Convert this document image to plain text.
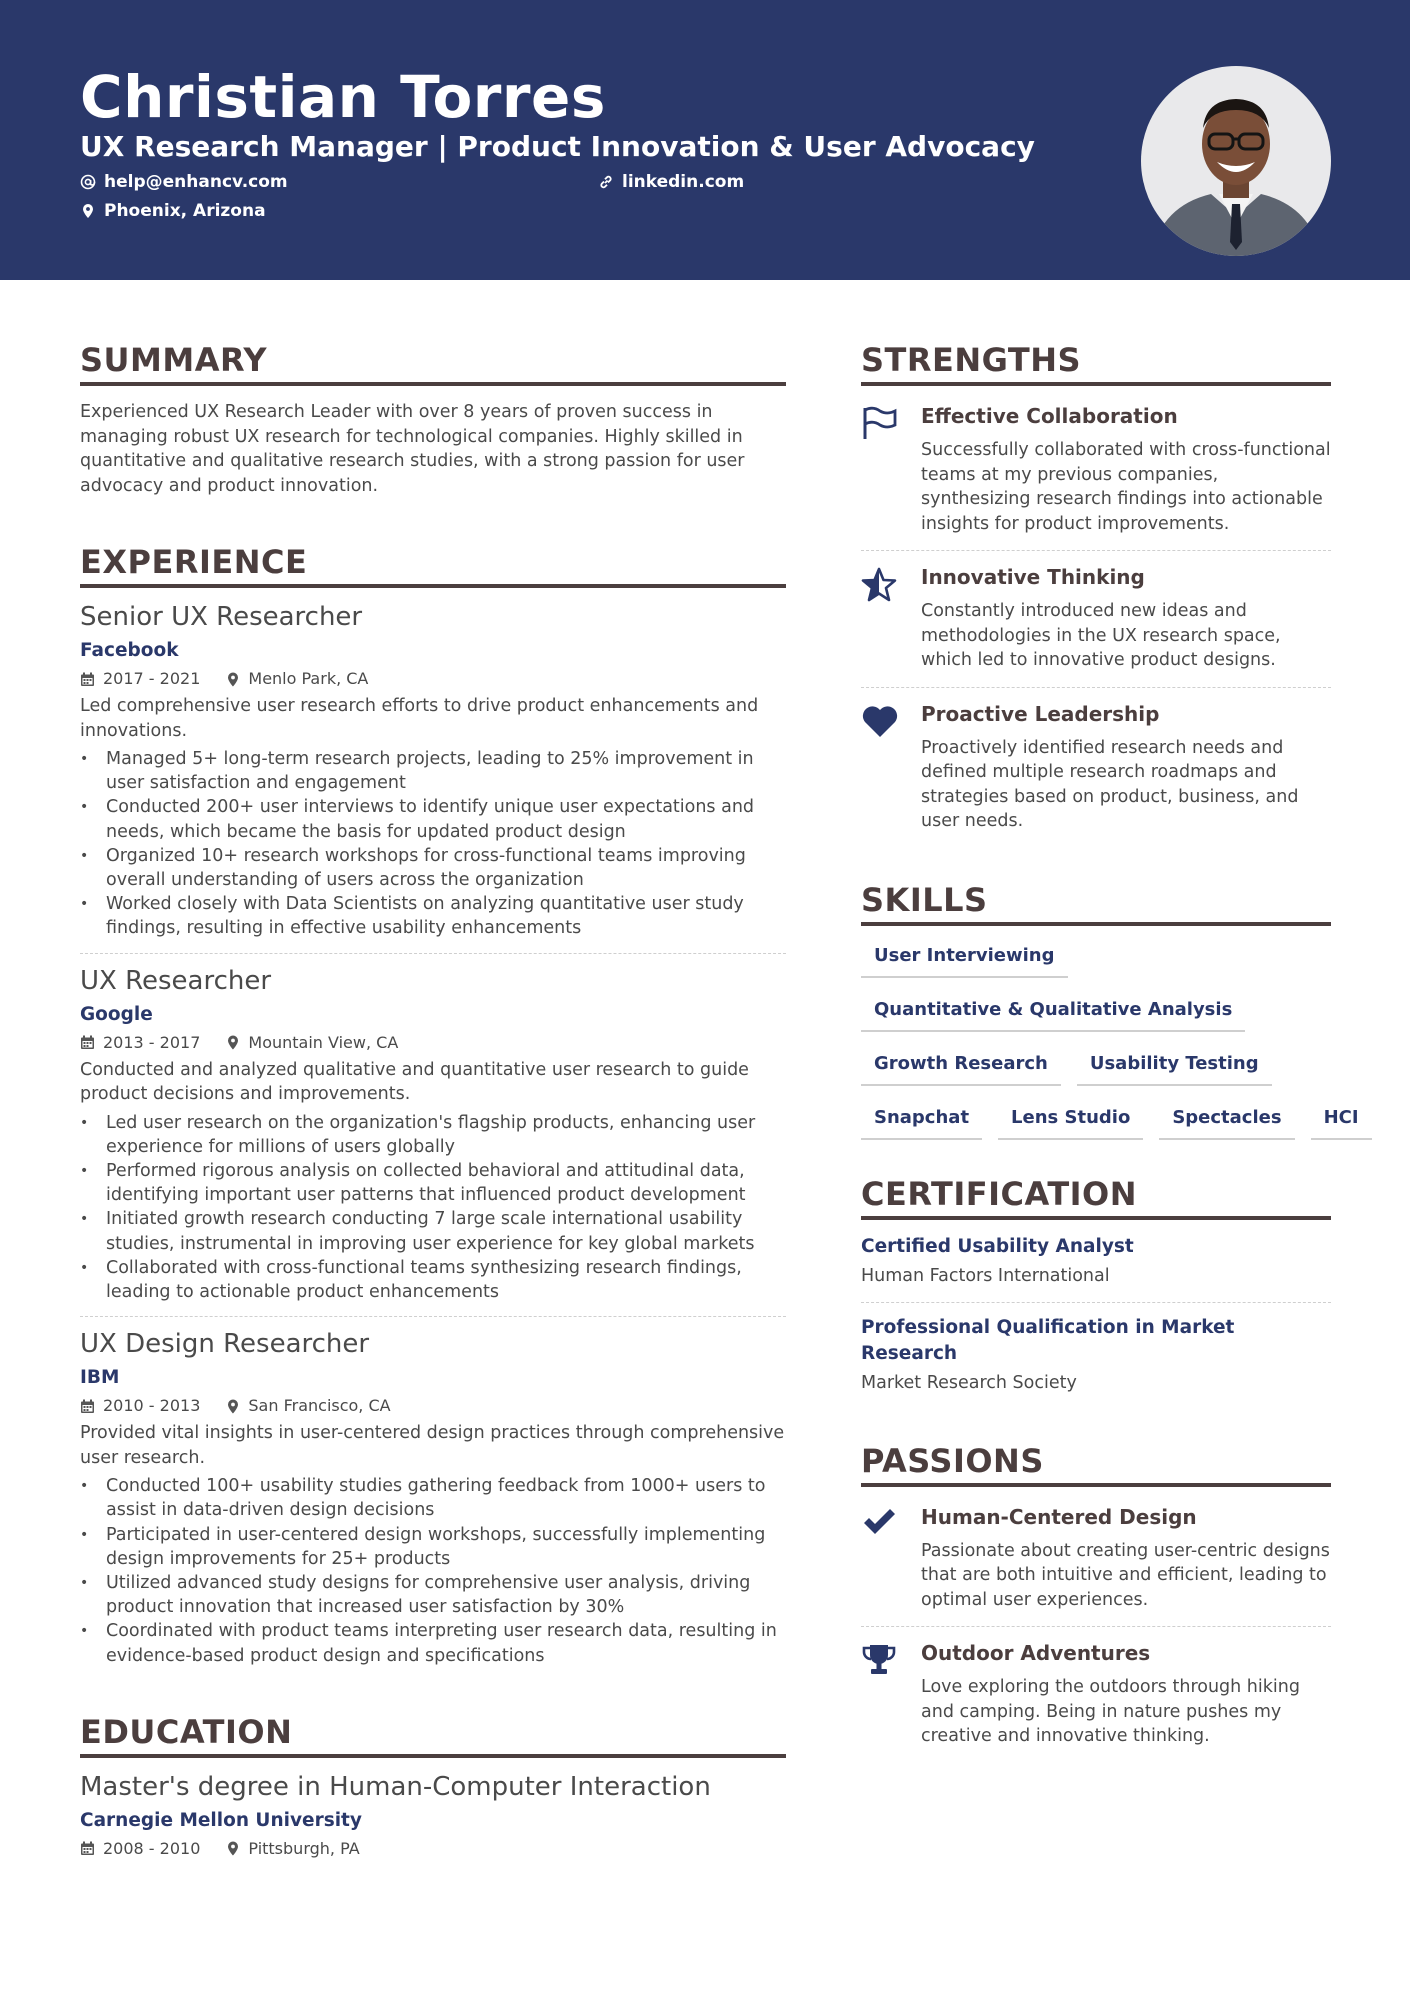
Christian Torres
UX Research Manager | Product Innovation & User Advocacy
help@enhancv.com	linkedin.com
Phoenix, Arizona
SUMMARY
Experienced UX Research Leader with over 8 years of proven success in managing robust UX research for technological companies. Highly skilled in quantitative and qualitative research studies, with a strong passion for user advocacy and product innovation.
EXPERIENCE
Senior UX Researcher
Facebook
2017 - 2021	Menlo Park, CA
Led comprehensive user research efforts to drive product enhancements and innovations.
• Managed 5+ long-term research projects, leading to 25% improvement in user satisfaction and engagement
• Conducted 200+ user interviews to identify unique user expectations and needs, which became the basis for updated product design
• Organized 10+ research workshops for cross-functional teams improving overall understanding of users across the organization
• Worked closely with Data Scientists on analyzing quantitative user study findings, resulting in effective usability enhancements
UX Researcher
Google
2013 - 2017	Mountain View, CA
Conducted and analyzed qualitative and quantitative user research to guide product decisions and improvements.
• Led user research on the organization's flagship products, enhancing user experience for millions of users globally
• Performed rigorous analysis on collected behavioral and attitudinal data, identifying important user patterns that influenced product development
• Initiated growth research conducting 7 large scale international usability studies, instrumental in improving user experience for key global markets
• Collaborated with cross-functional teams synthesizing research findings, leading to actionable product enhancements
UX Design Researcher
IBM
2010 - 2013	San Francisco, CA
Provided vital insights in user-centered design practices through comprehensive user research.
• Conducted 100+ usability studies gathering feedback from 1000+ users to assist in data-driven design decisions
• Participated in user-centered design workshops, successfully implementing design improvements for 25+ products
• Utilized advanced study designs for comprehensive user analysis, driving product innovation that increased user satisfaction by 30%
• Coordinated with product teams interpreting user research data, resulting in evidence-based product design and specifications
EDUCATION
Master's degree in Human-Computer Interaction
Carnegie Mellon University
2008 - 2010	Pittsburgh, PA
STRENGTHS
Effective Collaboration
Successfully collaborated with cross-functional teams at my previous companies, synthesizing research findings into actionable insights for product improvements.
Innovative Thinking
Constantly introduced new ideas and methodologies in the UX research space, which led to innovative product designs.
Proactive Leadership
Proactively identified research needs and defined multiple research roadmaps and strategies based on product, business, and user needs.
SKILLS
User Interviewing
Quantitative & Qualitative Analysis
Growth Research	Usability Testing
Snapchat	Lens Studio	Spectacles	HCI
CERTIFICATION
Certified Usability Analyst
Human Factors International
Professional Qualification in Market Research
Market Research Society
PASSIONS
Human-Centered Design
Passionate about creating user-centric designs that are both intuitive and efficient, leading to optimal user experiences.
Outdoor Adventures
Love exploring the outdoors through hiking and camping. Being in nature pushes my creative and innovative thinking.
